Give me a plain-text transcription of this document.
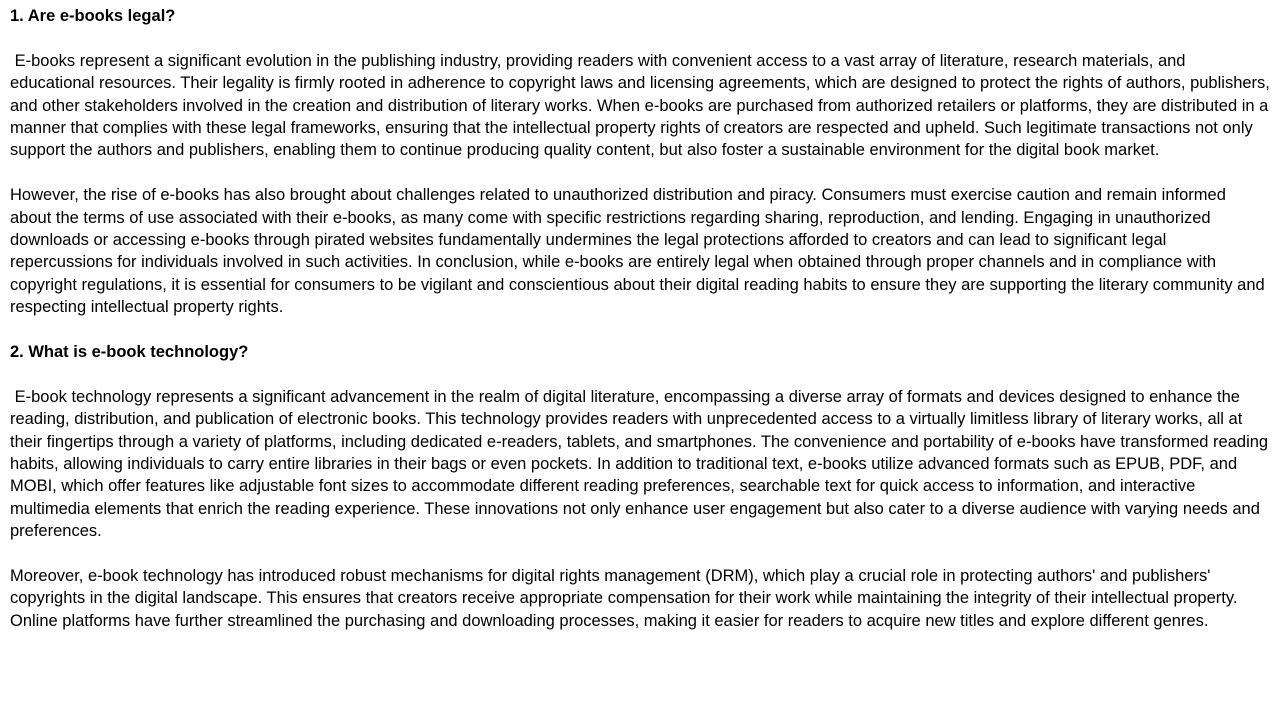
1. Are e-books legal?

E-books represent a significant evolution in the publishing industry, providing readers with convenient access to a vast array of literature, research materials, and educational resources. Their legality is firmly rooted in adherence to copyright laws and licensing agreements, which are designed to protect the rights of authors, publishers, and other stakeholders involved in the creation and distribution of literary works. When e-books are purchased from authorized retailers or platforms, they are distributed in a manner that complies with these legal frameworks, ensuring that the intellectual property rights of creators are respected and upheld. Such legitimate transactions not only support the authors and publishers, enabling them to continue producing quality content, but also foster a sustainable environment for the digital book market.

However, the rise of e-books has also brought about challenges related to unauthorized distribution and piracy. Consumers must exercise caution and remain informed about the terms of use associated with their e-books, as many come with specific restrictions regarding sharing, reproduction, and lending. Engaging in unauthorized downloads or accessing e-books through pirated websites fundamentally undermines the legal protections afforded to creators and can lead to significant legal repercussions for individuals involved in such activities. In conclusion, while e-books are entirely legal when obtained through proper channels and in compliance with copyright regulations, it is essential for consumers to be vigilant and conscientious about their digital reading habits to ensure they are supporting the literary community and respecting intellectual property rights.

2. What is e-book technology?

E-book technology represents a significant advancement in the realm of digital literature, encompassing a diverse array of formats and devices designed to enhance the reading, distribution, and publication of electronic books. This technology provides readers with unprecedented access to a virtually limitless library of literary works, all at their fingertips through a variety of platforms, including dedicated e-readers, tablets, and smartphones. The convenience and portability of e-books have transformed reading habits, allowing individuals to carry entire libraries in their bags or even pockets. In addition to traditional text, e-books utilize advanced formats such as EPUB, PDF, and MOBI, which offer features like adjustable font sizes to accommodate different reading preferences, searchable text for quick access to information, and interactive multimedia elements that enrich the reading experience. These innovations not only enhance user engagement but also cater to a diverse audience with varying needs and preferences.

Moreover, e-book technology has introduced robust mechanisms for digital rights management (DRM), which play a crucial role in protecting authors' and publishers' copyrights in the digital landscape. This ensures that creators receive appropriate compensation for their work while maintaining the integrity of their intellectual property. Online platforms have further streamlined the purchasing and downloading processes, making it easier for readers to acquire new titles and explore different genres.
